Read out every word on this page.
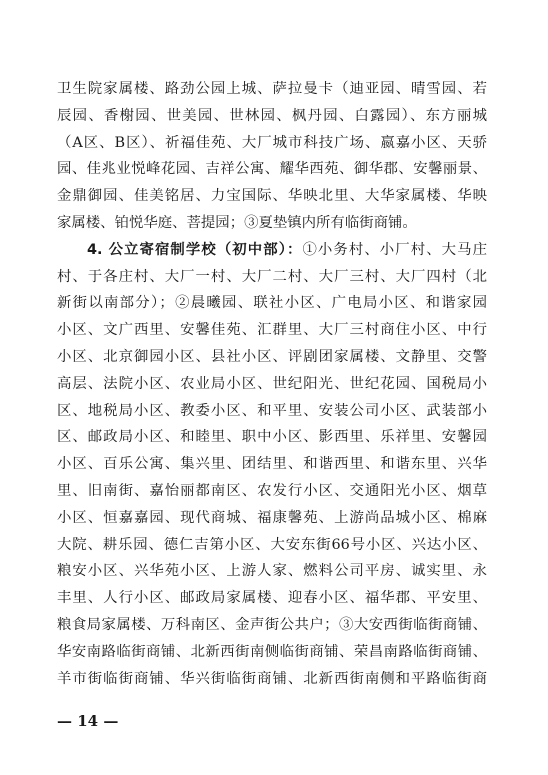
卫生院家属楼、路劲公园上城、萨拉曼卡（迪亚园、晴雪园、若
辰园、香榭园、世美园、世林园、枫丹园、白露园）、东方丽城
（A区、B区）、祈福佳苑、大厂城市科技广场、嬴嘉小区、天骄
园、佳兆业悦峰花园、吉祥公寓、耀华西苑、御华郡、安馨丽景、
金鼎御园、佳美铭居、力宝国际、华映北里、大华家属楼、华映
家属楼、铂悦华庭、菩提园；③夏垫镇内所有临街商铺。
4. 公立寄宿制学校（初中部）：①小务村、小厂村、大马庄
村、于各庄村、大厂一村、大厂二村、大厂三村、大厂四村（北
新街以南部分）；②晨曦园、联社小区、广电局小区、和谐家园
小区、文广西里、安馨佳苑、汇群里、大厂三村商住小区、中行
小区、北京御园小区、县社小区、评剧团家属楼、文静里、交警
高层、法院小区、农业局小区、世纪阳光、世纪花园、国税局小
区、地税局小区、教委小区、和平里、安装公司小区、武装部小
区、邮政局小区、和睦里、职中小区、影西里、乐祥里、安馨园
小区、百乐公寓、集兴里、团结里、和谐西里、和谐东里、兴华
里、旧南街、嘉怡丽都南区、农发行小区、交通阳光小区、烟草
小区、恒嘉嘉园、现代商城、福康馨苑、上游尚品城小区、棉麻
大院、耕乐园、德仁吉第小区、大安东街66号小区、兴达小区、
粮安小区、兴华苑小区、上游人家、燃料公司平房、诚实里、永
丰里、人行小区、邮政局家属楼、迎春小区、福华郡、平安里、
粮食局家属楼、万科南区、金声街公共户；③大安西街临街商铺、
华安南路临街商铺、北新西街南侧临街商铺、荣昌南路临街商铺、
羊市街临街商铺、华兴街临街商铺、北新西街南侧和平路临街商
— 14 —
